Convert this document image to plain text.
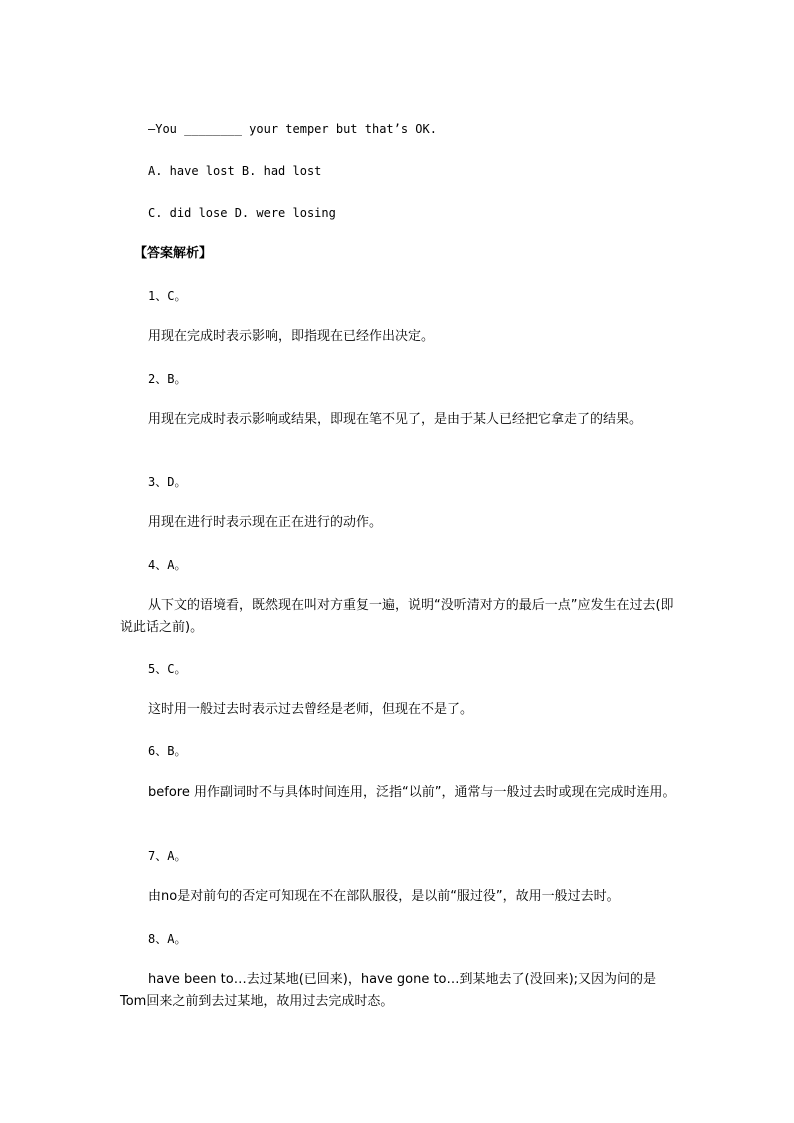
—You ________ your temper but that’s OK.
A. have lost B. had lost
C. did lose D. were losing
【答案解析】
1、C。
用现在完成时表示影响，即指现在已经作出决定。
2、B。
用现在完成时表示影响或结果，即现在笔不见了，是由于某人已经把它拿走了的结果。
3、D。
用现在进行时表示现在正在进行的动作。
4、A。
从下文的语境看，既然现在叫对方重复一遍，说明“没听清对方的最后一点”应发生在过去(即说此话之前)。
5、C。
这时用一般过去时表示过去曾经是老师，但现在不是了。
6、B。
before 用作副词时不与具体时间连用，泛指“以前”，通常与一般过去时或现在完成时连用。
7、A。
由no是对前句的否定可知现在不在部队服役，是以前“服过役”，故用一般过去时。
8、A。
have been to…去过某地(已回来)，have gone to…到某地去了(没回来);又因为问的是Tom回来之前到去过某地，故用过去完成时态。
